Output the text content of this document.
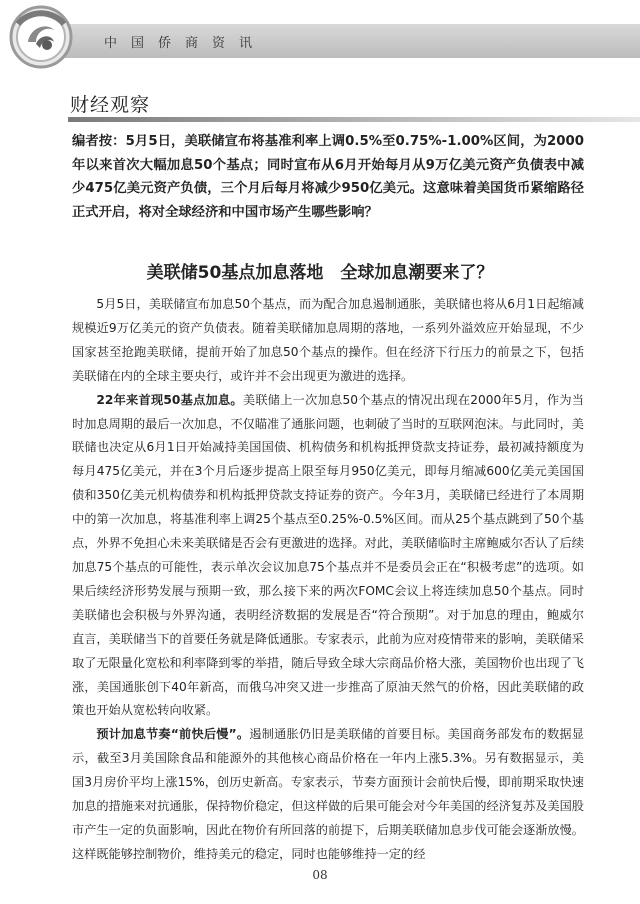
中国侨商资讯
财经观察
编者按：5月5日，美联储宣布将基准利率上调0.5%至0.75%-1.00%区间，为2000年以来首次大幅加息50个基点；同时宣布从6月开始每月从9万亿美元资产负债表中减少475亿美元资产负债，三个月后每月将减少950亿美元。这意味着美国货币紧缩路径正式开启，将对全球经济和中国市场产生哪些影响？
美联储50基点加息落地　全球加息潮要来了？

5月5日，美联储宣布加息50个基点，而为配合加息遏制通胀，美联储也将从6月1日起缩减规模近9万亿美元的资产负债表。随着美联储加息周期的落地，一系列外溢效应开始显现，不少国家甚至抢跑美联储，提前开始了加息50个基点的操作。但在经济下行压力的前景之下，包括美联储在内的全球主要央行，或许并不会出现更为激进的选择。

22年来首现50基点加息。美联储上一次加息50个基点的情况出现在2000年5月，作为当时加息周期的最后一次加息，不仅瞄准了通胀问题，也刺破了当时的互联网泡沫。与此同时，美联储也决定从6月1日开始减持美国国债、机构债务和机构抵押贷款支持证券，最初减持额度为每月475亿美元，并在3个月后逐步提高上限至每月950亿美元，即每月缩减600亿美元美国国债和350亿美元机构债券和机构抵押贷款支持证券的资产。今年3月，美联储已经进行了本周期中的第一次加息，将基准利率上调25个基点至0.25%-0.5%区间。而从25个基点跳到了50个基点，外界不免担心未来美联储是否会有更激进的选择。对此，美联储临时主席鲍威尔否认了后续加息75个基点的可能性，表示单次会议加息75个基点并不是委员会正在“积极考虑”的选项。如果后续经济形势发展与预期一致，那么接下来的两次FOMC会议上将连续加息50个基点。同时美联储也会积极与外界沟通，表明经济数据的发展是否“符合预期”。对于加息的理由，鲍威尔直言，美联储当下的首要任务就是降低通胀。专家表示，此前为应对疫情带来的影响，美联储采取了无限量化宽松和利率降到零的举措，随后导致全球大宗商品价格大涨，美国物价也出现了飞涨，美国通胀创下40年新高，而俄乌冲突又进一步推高了原油天然气的价格，因此美联储的政策也开始从宽松转向收紧。

预计加息节奏“前快后慢”。遏制通胀仍旧是美联储的首要目标。美国商务部发布的数据显示，截至3月美国除食品和能源外的其他核心商品价格在一年内上涨5.3%。另有数据显示，美国3月房价平均上涨15%，创历史新高。专家表示，节奏方面预计会前快后慢，即前期采取快速加息的措施来对抗通胀，保持物价稳定，但这样做的后果可能会对今年美国的经济复苏及美国股市产生一定的负面影响，因此在物价有所回落的前提下，后期美联储加息步伐可能会逐渐放慢。这样既能够控制物价，维持美元的稳定，同时也能够维持一定的经

08
